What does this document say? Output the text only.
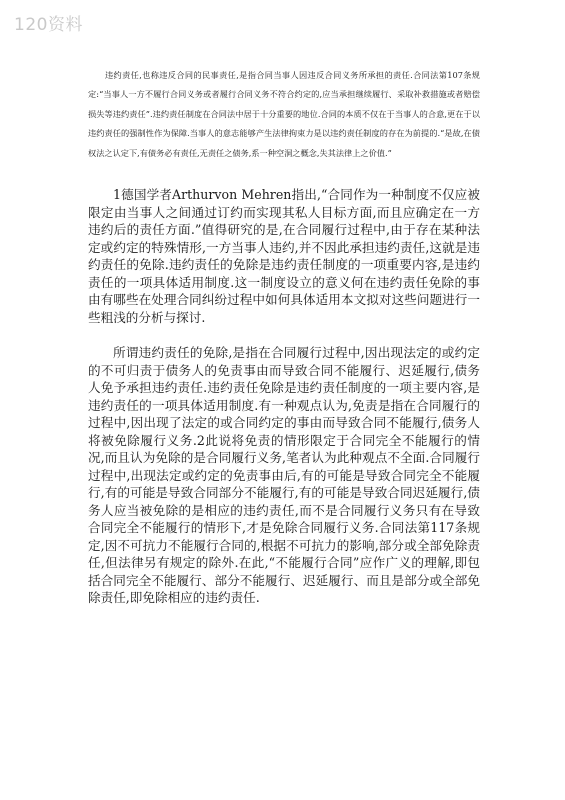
120资料

违约责任,也称违反合同的民事责任,是指合同当事人因违反合同义务所承担的责任.合同法第107条规定:“当事人一方不履行合同义务或者履行合同义务不符合约定的,应当承担继续履行、采取补救措施或者赔偿损失等违约责任”.违约责任制度在合同法中居于十分重要的地位.合同的本质不仅在于当事人的合意,更在于以违约责任的强制性作为保障.当事人的意志能够产生法律拘束力是以违约责任制度的存在为前提的.“是故,在债权法之认定下,有债务必有责任,无责任之债务,系一种空洞之概念,失其法律上之价值.”

1德国学者Arthurvon Mehren指出,“合同作为一种制度不仅应被限定由当事人之间通过订约而实现其私人目标方面,而且应确定在一方违约后的责任方面.”值得研究的是,在合同履行过程中,由于存在某种法定或约定的特殊情形,一方当事人违约,并不因此承担违约责任,这就是违约责任的免除.违约责任的免除是违约责任制度的一项重要内容,是违约责任的一项具体适用制度.这一制度设立的意义何在违约责任免除的事由有哪些在处理合同纠纷过程中如何具体适用本文拟对这些问题进行一些粗浅的分析与探讨.

所谓违约责任的免除,是指在合同履行过程中,因出现法定的或约定的不可归责于债务人的免责事由而导致合同不能履行、迟延履行,债务人免予承担违约责任.违约责任免除是违约责任制度的一项主要内容,是违约责任的一项具体适用制度.有一种观点认为,免责是指在合同履行的过程中,因出现了法定的或合同约定的事由而导致合同不能履行,债务人将被免除履行义务.2此说将免责的情形限定于合同完全不能履行的情况,而且认为免除的是合同履行义务,笔者认为此种观点不全面.合同履行过程中,出现法定或约定的免责事由后,有的可能是导致合同完全不能履行,有的可能是导致合同部分不能履行,有的可能是导致合同迟延履行,债务人应当被免除的是相应的违约责任,而不是合同履行义务只有在导致合同完全不能履行的情形下,才是免除合同履行义务.合同法第117条规定,因不可抗力不能履行合同的,根据不可抗力的影响,部分或全部免除责任,但法律另有规定的除外.在此,“不能履行合同”应作广义的理解,即包括合同完全不能履行、部分不能履行、迟延履行、而且是部分或全部免除责任,即免除相应的违约责任.
